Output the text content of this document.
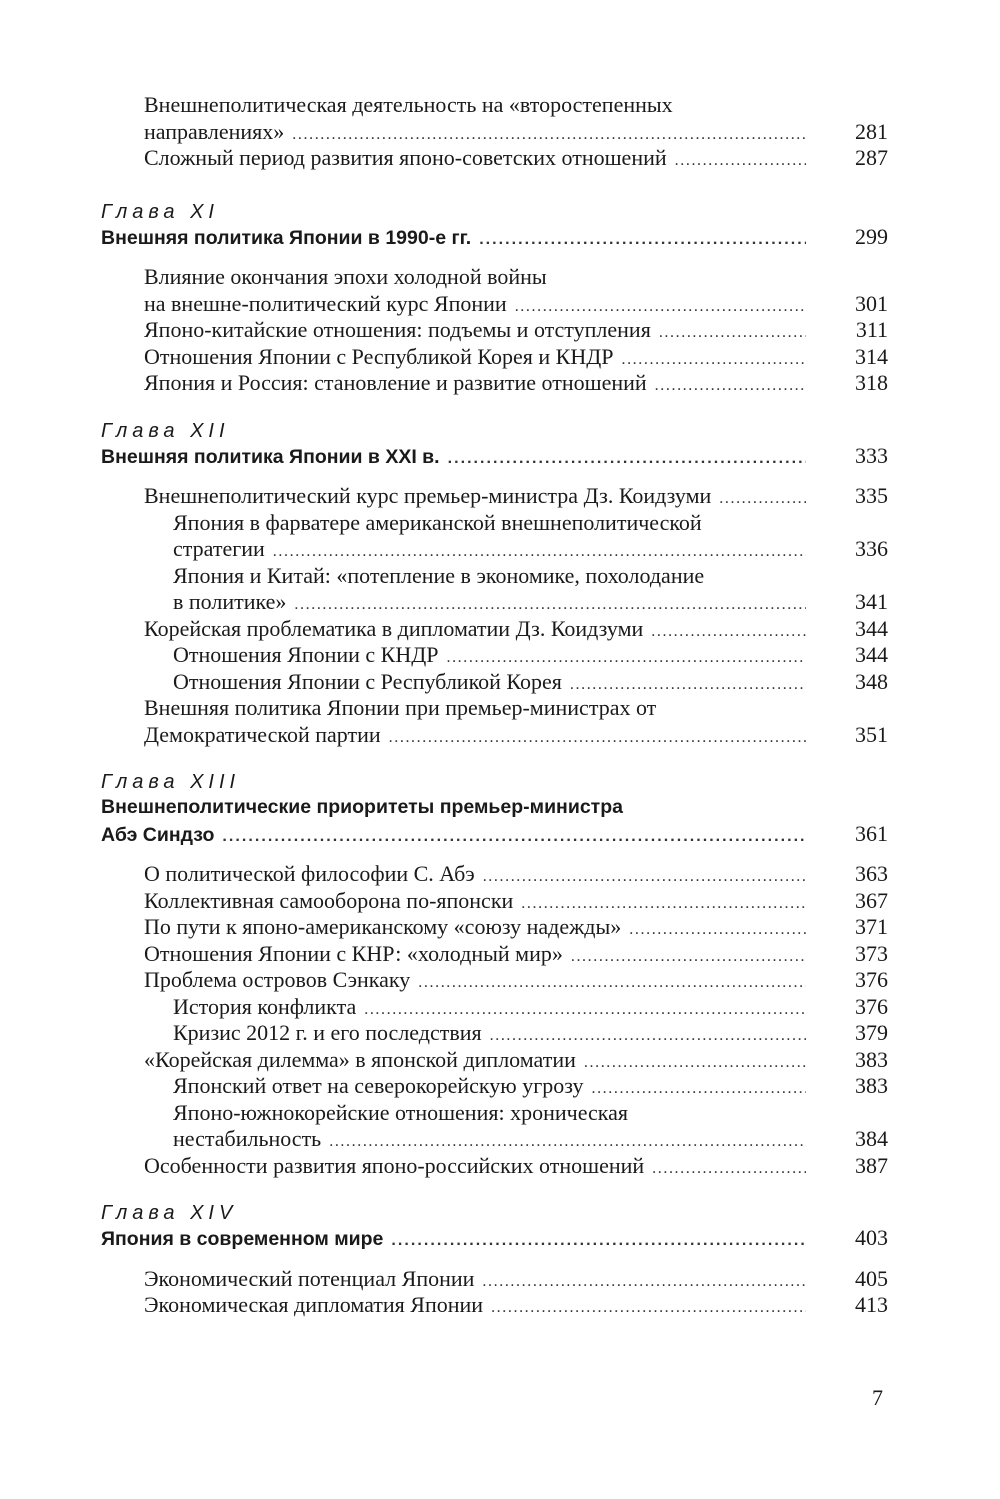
Внешнеполитическая деятельность на «второстепенных
направлениях» . . .	281
Сложный период развития японо-советских отношений . . .	287
Глава XI
Внешняя политика Японии в 1990-е гг. . . .	299
Влияние окончания эпохи холодной войны
на внешне-политический курс Японии . . .	301
Японо-китайские отношения: подъемы и отступления . . .	311
Отношения Японии с Республикой Корея и КНДР . . .	314
Япония и Россия: становление и развитие отношений . . .	318
Глава XII
Внешняя политика Японии в XXI в. . . .	333
Внешнеполитический курс премьер-министра Дз. Коидзуми . . .	335
Япония в фарватере американской внешнеполитической
стратегии . . .	336
Япония и Китай: «потепление в экономике, похолодание
в политике» . . .	341
Корейская проблематика в дипломатии Дз. Коидзуми . . .	344
Отношения Японии с КНДР . . .	344
Отношения Японии с Республикой Корея . . .	348
Внешняя политика Японии при премьер-министрах от
Демократической партии . . .	351
Глава XIII
Внешнеполитические приоритеты премьер-министра
Абэ Синдзо . . .	361
О политической философии С. Абэ . . .	363
Коллективная самооборона по-японски . . .	367
По пути к японо-американскому «союзу надежды» . . .	371
Отношения Японии с КНР: «холодный мир» . . .	373
Проблема островов Сэнкаку . . .	376
История конфликта . . .	376
Кризис 2012 г. и его последствия . . .	379
«Корейская дилемма» в японской дипломатии . . .	383
Японский ответ на северокорейскую угрозу . . .	383
Японо-южнокорейские отношения: хроническая
нестабильность . . .	384
Особенности развития японо-российских отношений . . .	387
Глава XIV
Япония в современном мире . . .	403
Экономический потенциал Японии . . .	405
Экономическая дипломатия Японии . . .	413
7
